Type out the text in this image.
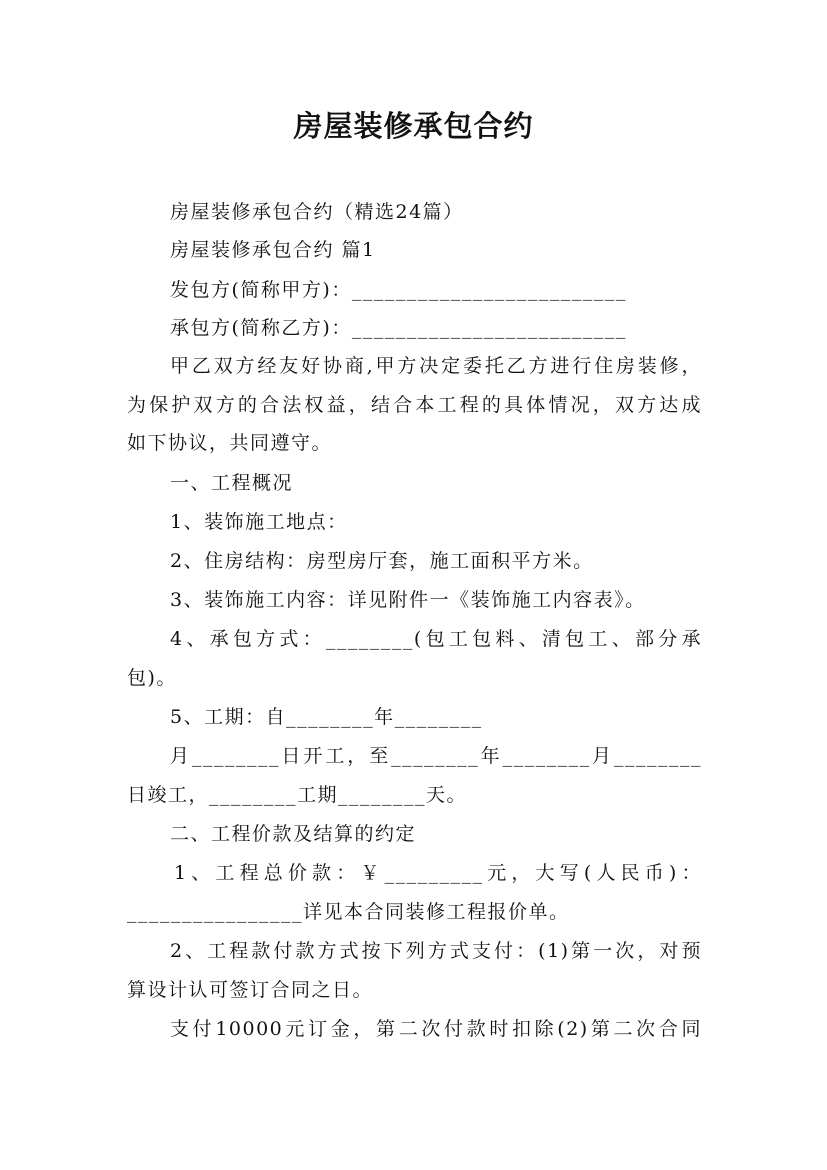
房屋装修承包合约
房屋装修承包合约（精选24篇）
房屋装修承包合约 篇1
发包方(简称甲方)：_________________________
承包方(简称乙方)：_________________________
甲乙双方经友好协商,甲方决定委托乙方进行住房装修，
为保护双方的合法权益，结合本工程的具体情况，双方达成
如下协议，共同遵守。
一、工程概况
1、装饰施工地点：
2、住房结构：房型房厅套，施工面积平方米。
3、装饰施工内容：详见附件一《装饰施工内容表》。
4、承包方式：________(包工包料、清包工、部分承
包)。
5、工期：自________年________
月________日开工，至________年________月________
日竣工，________工期________天。
二、工程价款及结算的约定
1、工程总价款：￥_________元，大写(人民币)：
________________详见本合同装修工程报价单。
2、工程款付款方式按下列方式支付：(1)第一次，对预
算设计认可签订合同之日。
支付10000元订金，第二次付款时扣除(2)第二次合同
